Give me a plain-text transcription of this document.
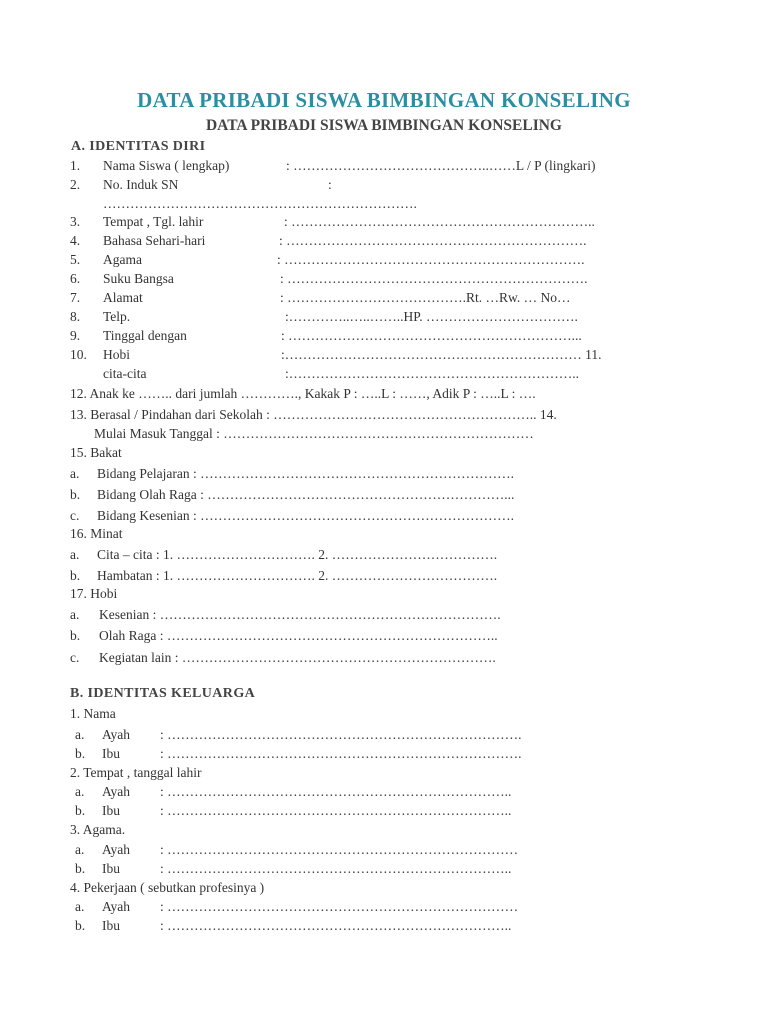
DATA PRIBADI SISWA BIMBINGAN KONSELING
DATA PRIBADI SISWA BIMBINGAN KONSELING
A. IDENTITAS DIRI
1. Nama Siswa ( lengkap)	: ……………………………………..……L / P (lingkari)
2. No. Induk SN	:
…………………………………………………………….
3. Tempat , Tgl. lahir	: …………………………………………………………..
4. Bahasa Sehari-hari	: ………………………………………………………….
5. Agama	: ………………………………………………………….
6. Suku Bangsa	: ………………………………………………………….
7. Alamat	: ………………………………….Rt. …Rw. … No…
8. Telp.	:…………..…..……..HP. …………………………….
9. Tinggal dengan	: ………………………………………………………...
10. Hobi	:………………………………………………………… 11.
cita-cita	:………………………………………………………..
12. Anak ke …….. dari jumlah …………., Kakak P : …..L : ……, Adik P : …..L : ….
13. Berasal / Pindahan dari Sekolah : ………………………………………………….. 14.
Mulai Masuk Tanggal : ……………………………………………………………
15. Bakat
a. Bidang Pelajaran : …………………………………………………………….
b. Bidang Olah Raga : …………………………………………………………...
c. Bidang Kesenian : …………………………………………………………….
16. Minat
a. Cita – cita : 1. …………………………. 2. ……………………………….
b. Hambatan : 1. …………………………. 2. ……………………………….
17. Hobi
a. Kesenian : ………………………………………………………………….
b. Olah Raga : ………………………………………………………………..
c. Kegiatan lain : …………………………………………………………….
B. IDENTITAS KELUARGA
1. Nama
a. Ayah : …………………………………………………………………….
b. Ibu	: …………………………………………………………………….
2. Tempat , tanggal lahir
a. Ayah : …………………………………………………………………..
b. Ibu	: …………………………………………………………………..
3. Agama.
a. Ayah : ……………………………………………………………………
b. Ibu	: …………………………………………………………………..
4. Pekerjaan ( sebutkan profesinya )
a. Ayah : ……………………………………………………………………
b. Ibu	: …………………………………………………………………..
